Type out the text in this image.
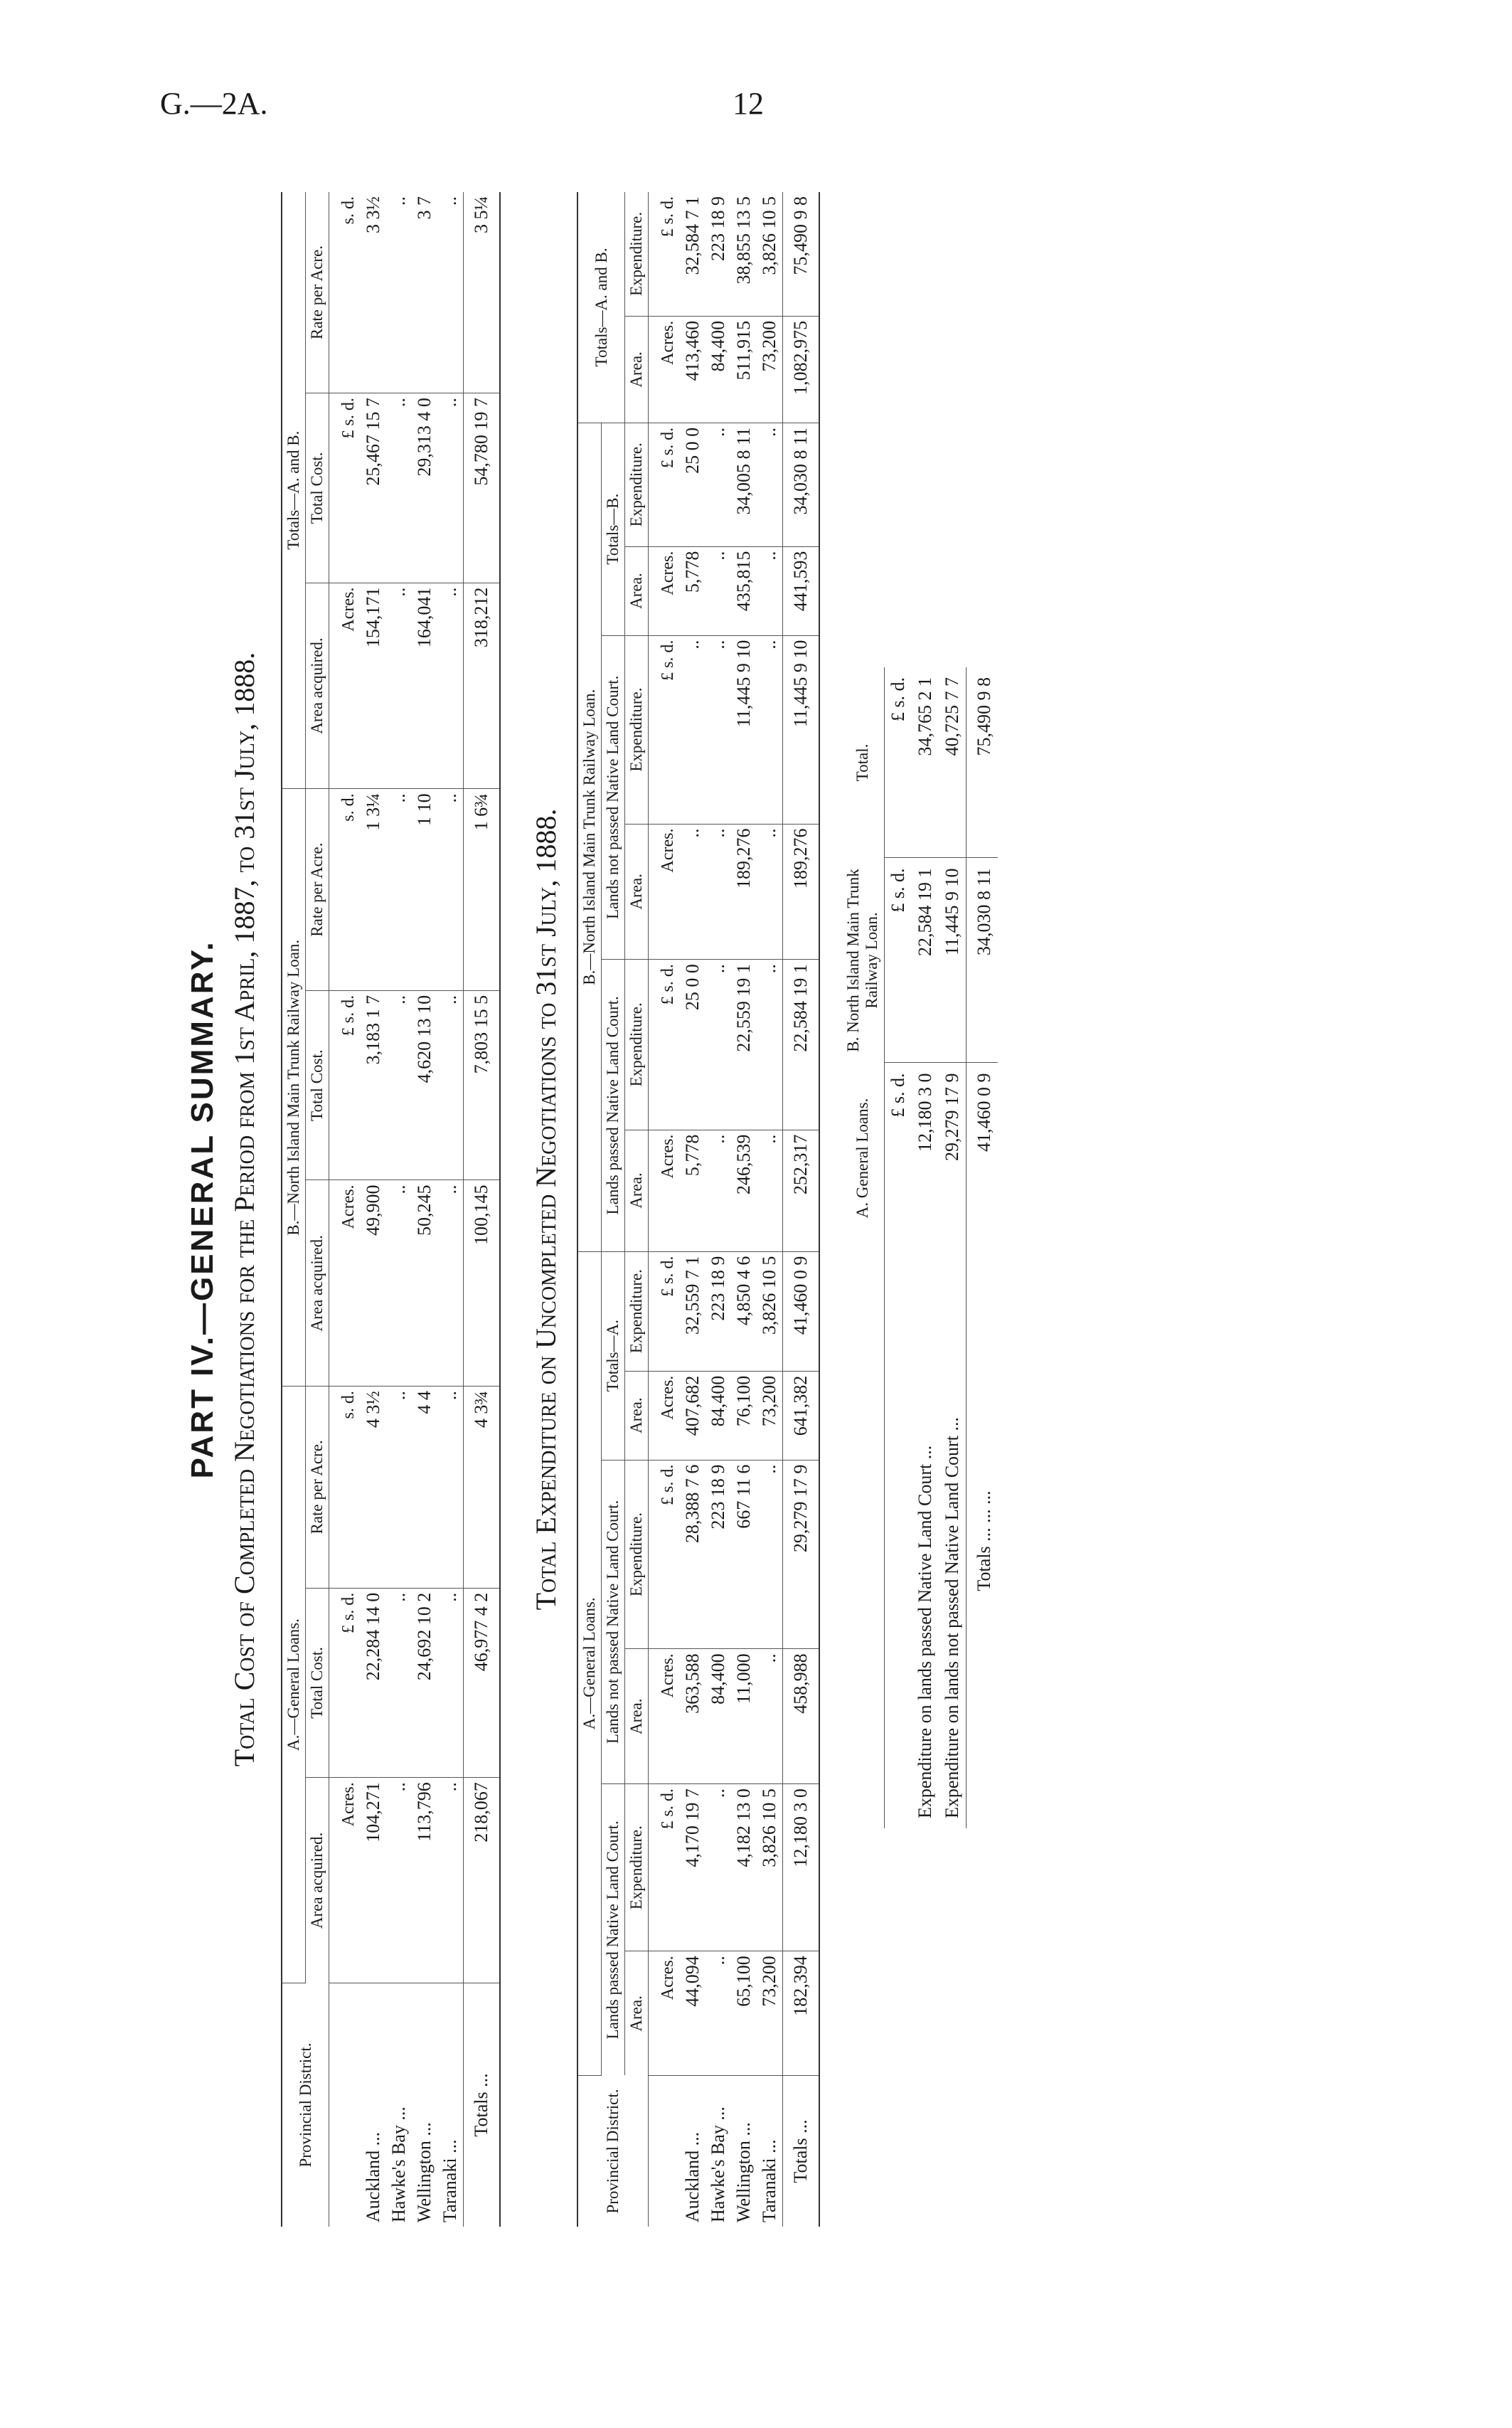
G.—2A.	12
PART IV.—GENERAL SUMMARY. Total Cost of Completed Negotiations for the Period from 1st April, 1887, to 31st July, 1888.
Provincial District.	A.—General Loans.			B.—North Island Main Trunk Railway Loan.			Totals—A. and B.		
	Area acquired.	Total Cost.	Rate per Acre.	Area acquired.	Total Cost.	Rate per Acre.	Area acquired.	Total Cost.	Rate per Acre.
	Acres.	£ s. d.	s. d.	Acres.	£ s. d.	s. d.	Acres.	£ s. d.	s. d.
Auckland ...	104,271	22,284 14 0	4 3½	49,900	3,183 1 7	1 3¼	154,171	25,467 15 7	3 3½
Hawke's Bay ...	..	..	..	..	..	..	..	..	..
Wellington ...	113,796	24,692 10 2	4 4	50,245	4,620 13 10	1 10	164,041	29,313 4 0	3 7
Taranaki ...	..	..	..	..	..	..	..	..	..
Totals ...	218,067	46,977 4 2	4 3¾	100,145	7,803 15 5	1 6¾	318,212	54,780 19 7	3 5¼
Total Expenditure on Uncompleted Negotiations to 31st July, 1888.
Provincial District.	A.—General Loans.						B.—North Island Main Trunk Railway Loan.						Totals—A. and B.	
	Lands passed Native Land Court.		Lands not passed Native Land Court.		Totals—A.		Lands passed Native Land Court.		Lands not passed Native Land Court.		Totals—B.			
	Area.	Expenditure.	Area.	Expenditure.	Area.	Expenditure.	Area.	Expenditure.	Area.	Expenditure.	Area.	Expenditure.	Area.	Expenditure.
	Acres.	£ s. d.	Acres.	£ s. d.	Acres.	£ s. d.	Acres.	£ s. d.	Acres.	£ s. d.	Acres.	£ s. d.	Acres.	£ s. d.
Auckland ...	44,094	4,170 19 7	363,588	28,388 7 6	407,682	32,559 7 1	5,778	25 0 0	..	..	5,778	25 0 0	413,460	32,584 7 1
Hawke's Bay ...	..	..	84,400	223 18 9	84,400	223 18 9	..	..	..	..	..	..	84,400	223 18 9
Wellington ...	65,100	4,182 13 0	11,000	667 11 6	76,100	4,850 4 6	246,539	22,559 19 1	189,276	11,445 9 10	435,815	34,005 8 11	511,915	38,855 13 5
Taranaki ...	73,200	3,826 10 5	..	..	73,200	3,826 10 5	..	..	..	..	..	..	73,200	3,826 10 5
Totals ...	182,394	12,180 3 0	458,988	29,279 17 9	641,382	41,460 0 9	252,317	22,584 19 1	189,276	11,445 9 10	441,593	34,030 8 11	1,082,975	75,490 9 8
	A. General Loans.	B. North Island Main Trunk Railway Loan.	Total.
	£ s. d.	£ s. d.	£ s. d.
Expenditure on lands passed Native Land Court ...	12,180 3 0	22,584 19 1	34,765 2 1
Expenditure on lands not passed Native Land Court ...	29,279 17 9	11,445 9 10	40,725 7 7
Totals ... ... ...	41,460 0 9	34,030 8 11	75,490 9 8
